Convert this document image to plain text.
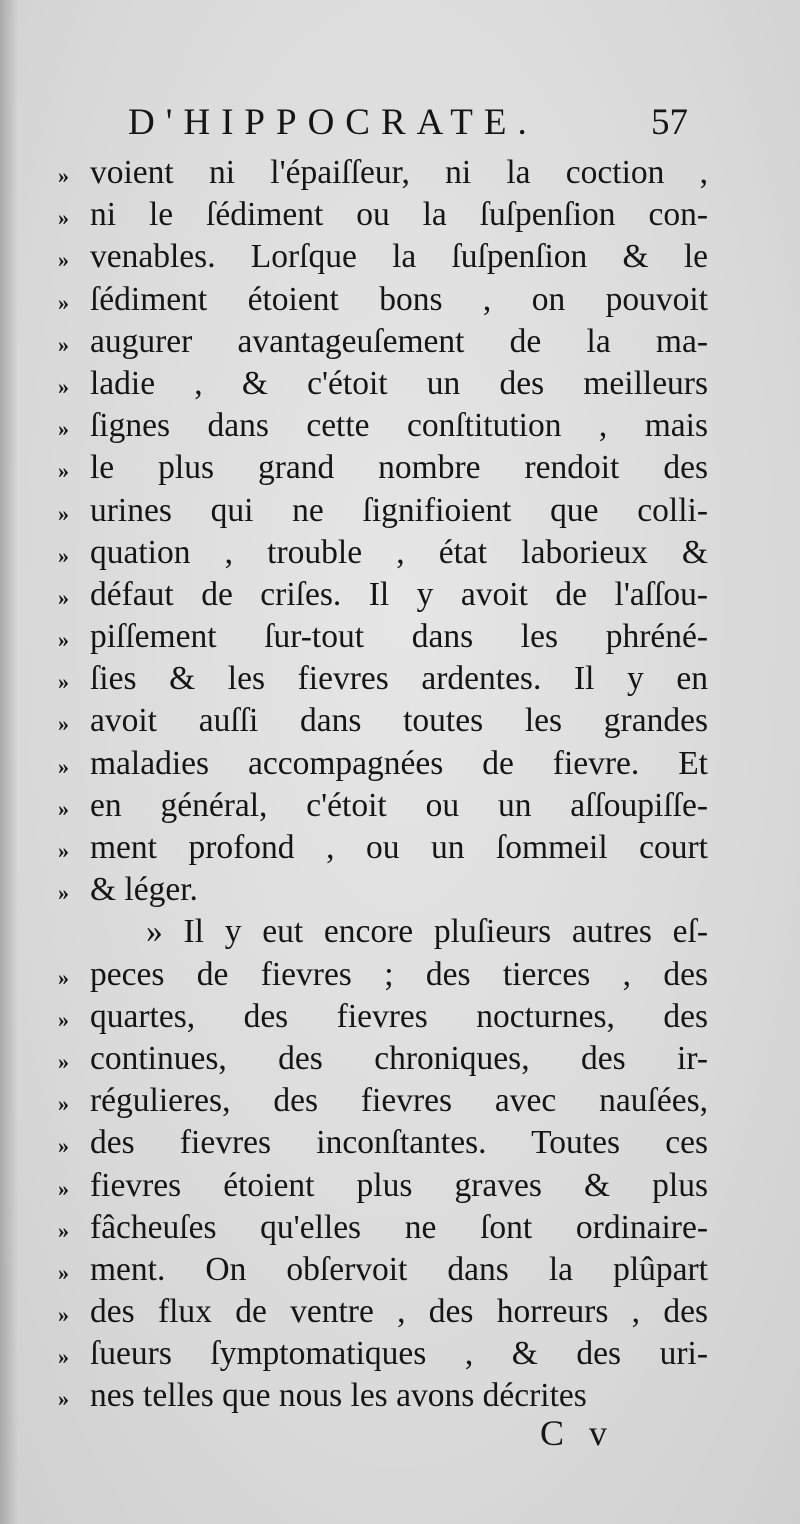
D'HIPPOCRATE.	57
» voient ni l'épaiſſeur, ni la coction ,
» ni le ſédiment ou la ſuſpenſion con-
» venables. Lorſque la ſuſpenſion & le
» ſédiment étoient bons , on pouvoit
» augurer avantageuſement de la ma-
» ladie , & c'étoit un des meilleurs
» ſignes dans cette conſtitution , mais
» le plus grand nombre rendoit des
» urines qui ne ſignifioient que colli-
» quation , trouble , état laborieux &
» défaut de criſes. Il y avoit de l'aſſou-
» piſſement ſur-tout dans les phréné-
» ſies & les fievres ardentes. Il y en
» avoit auſſi dans toutes les grandes
» maladies accompagnées de fievre. Et
» en général, c'étoit ou un aſſoupiſſe-
» ment profond , ou un ſommeil court
» & léger.
» Il y eut encore pluſieurs autres eſ-
» peces de fievres ; des tierces , des
» quartes, des fievres nocturnes, des
» continues, des chroniques, des ir-
» régulieres, des fievres avec nauſées,
» des fievres inconſtantes. Toutes ces
» fievres étoient plus graves & plus
» fâcheuſes qu'elles ne ſont ordinaire-
» ment. On obſervoit dans la plûpart
» des flux de ventre , des horreurs , des
» ſueurs ſymptomatiques , & des uri-
» nes telles que nous les avons décrites
C v
